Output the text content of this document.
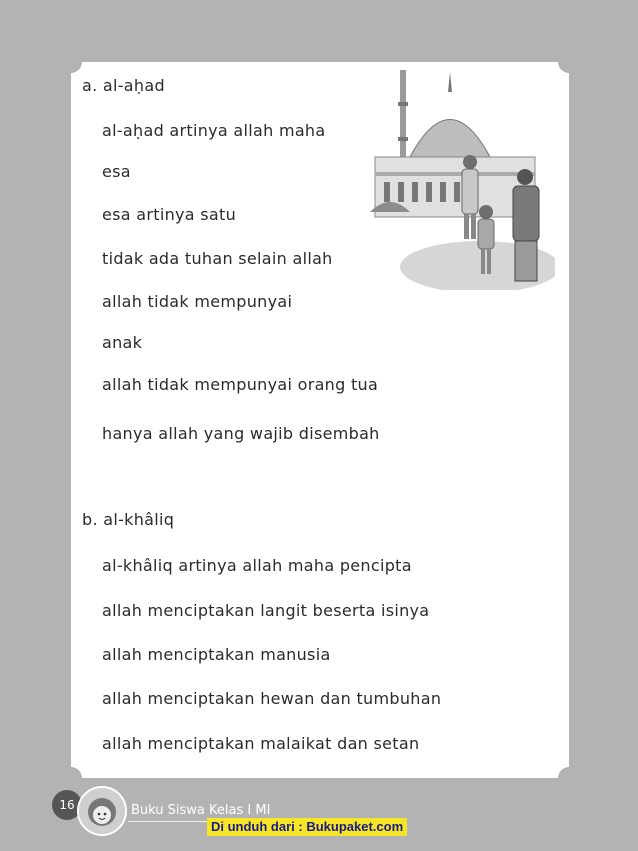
a. al-aḥad
al-aḥad artinya allah maha
esa
esa artinya satu
tidak ada tuhan selain allah
allah tidak mempunyai
anak
allah tidak mempunyai orang tua
hanya allah yang wajib disembah
b. al-khâliq
al-khâliq artinya allah maha pencipta
allah menciptakan langit beserta isinya
allah menciptakan manusia
allah menciptakan hewan dan tumbuhan
allah menciptakan malaikat dan setan
16	Buku Siswa Kelas I MI
Di unduh dari : Bukupaket.com
